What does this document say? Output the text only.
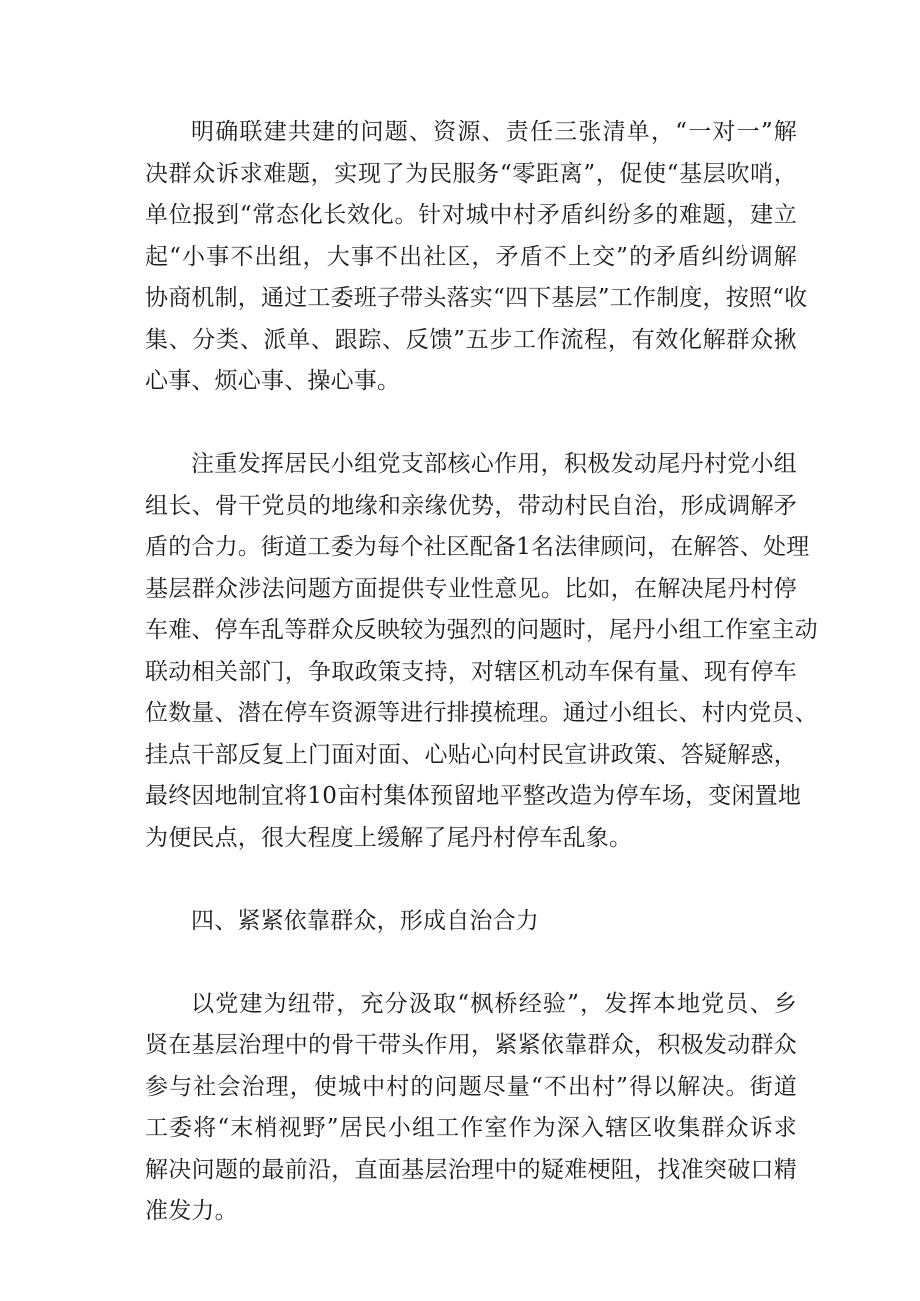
明确联建共建的问题、资源、责任三张清单，“一对一”解
决群众诉求难题，实现了为民服务“零距离”，促使“基层吹哨，
单位报到“常态化长效化。针对城中村矛盾纠纷多的难题，建立
起“小事不出组，大事不出社区，矛盾不上交”的矛盾纠纷调解
协商机制，通过工委班子带头落实“四下基层”工作制度，按照“收
集、分类、派单、跟踪、反馈”五步工作流程，有效化解群众揪
心事、烦心事、操心事。
注重发挥居民小组党支部核心作用，积极发动尾丹村党小组
组长、骨干党员的地缘和亲缘优势，带动村民自治，形成调解矛
盾的合力。街道工委为每个社区配备1名法律顾问，在解答、处理
基层群众涉法问题方面提供专业性意见。比如，在解决尾丹村停
车难、停车乱等群众反映较为强烈的问题时，尾丹小组工作室主动
联动相关部门，争取政策支持，对辖区机动车保有量、现有停车
位数量、潜在停车资源等进行排摸梳理。通过小组长、村内党员、
挂点干部反复上门面对面、心贴心向村民宣讲政策、答疑解惑，
最终因地制宜将10亩村集体预留地平整改造为停车场，变闲置地
为便民点，很大程度上缓解了尾丹村停车乱象。
四、紧紧依靠群众，形成自治合力
以党建为纽带，充分汲取“枫桥经验”，发挥本地党员、乡
贤在基层治理中的骨干带头作用，紧紧依靠群众，积极发动群众
参与社会治理，使城中村的问题尽量“不出村”得以解决。街道
工委将“末梢视野”居民小组工作室作为深入辖区收集群众诉求
解决问题的最前沿，直面基层治理中的疑难梗阻，找准突破口精
准发力。
